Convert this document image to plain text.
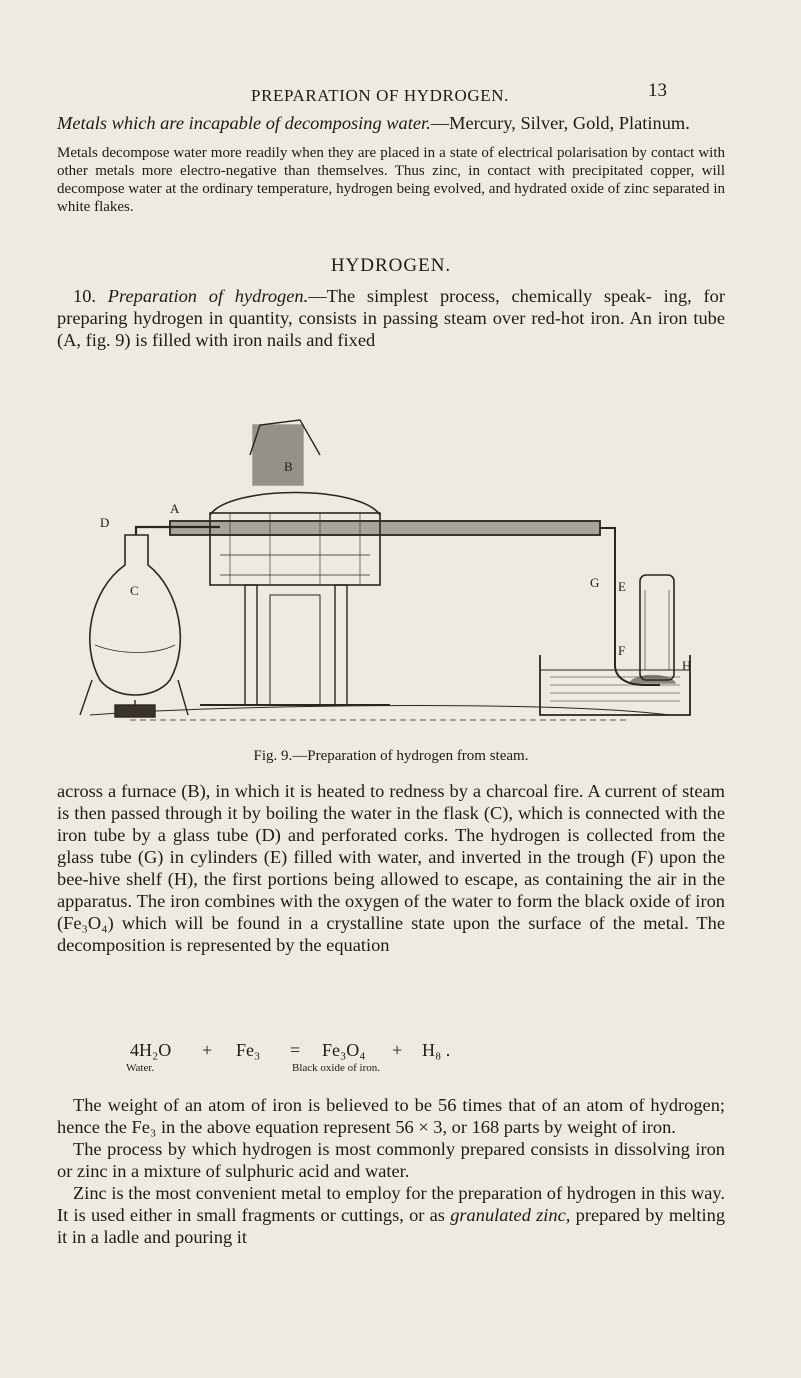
PREPARATION OF HYDROGEN.	13

Metals which are incapable of decomposing water.—Mercury, Silver, Gold, Platinum.

Metals decompose water more readily when they are placed in a state of electrical polarisation by contact with other metals more electro-negative than themselves. Thus zinc, in contact with precipitated copper, will decompose water at the ordinary temperature, hydrogen being evolved, and hydrated oxide of zinc separated in white flakes.

HYDROGEN.

10. Preparation of hydrogen.—The simplest process, chemically speak- ing, for preparing hydrogen in quantity, consists in passing steam over red-hot iron. An iron tube (A, fig. 9) is filled with iron nails and fixed

A
B
C
D
E
F
G
H
Fig. 9.—Preparation of hydrogen from steam.

across a furnace (B), in which it is heated to redness by a charcoal fire. A current of steam is then passed through it by boiling the water in the flask (C), which is connected with the iron tube by a glass tube (D) and perforated corks. The hydrogen is collected from the glass tube (G) in cylinders (E) filled with water, and inverted in the trough (F) upon the bee-hive shelf (H), the first portions being allowed to escape, as containing the air in the apparatus. The iron combines with the oxygen of the water to form the black oxide of iron (Fe₃O₄) which will be found in a crystalline state upon the surface of the metal. The decomposition is represented by the equation

4H₂O + Fe₃ = Fe₃O₄ + H₈ .
Water.	Black oxide of iron.

The weight of an atom of iron is believed to be 56 times that of an atom of hydrogen; hence the Fe₃ in the above equation represent 56 × 3, or 168 parts by weight of iron.

The process by which hydrogen is most commonly prepared consists in dissolving iron or zinc in a mixture of sulphuric acid and water.

Zinc is the most convenient metal to employ for the preparation of hydrogen in this way. It is used either in small fragments or cuttings, or as granulated zinc, prepared by melting it in a ladle and pouring it
